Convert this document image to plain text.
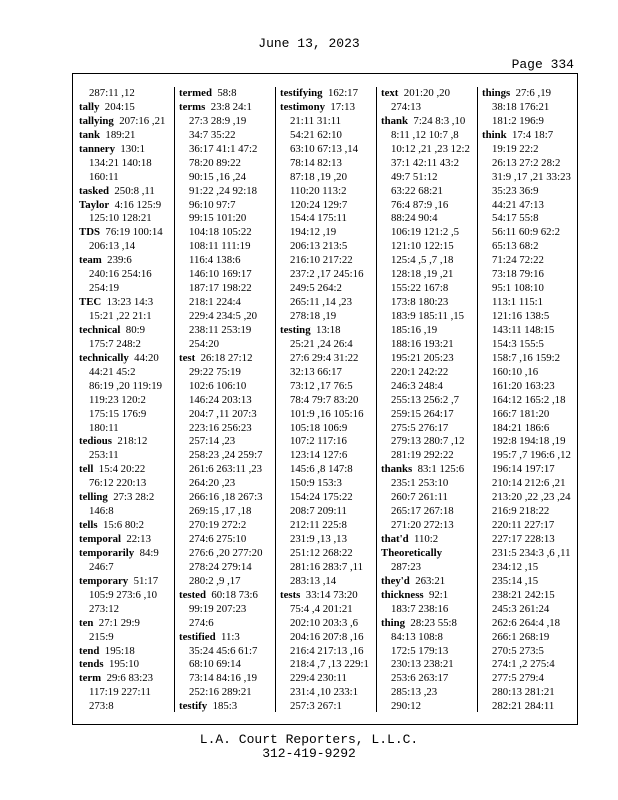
June 13, 2023
Page 334
287:11 ,12
tally  204:15
tallying  207:16 ,21
tank  189:21
tannery  130:1
134:21 140:18
160:11
tasked  250:8 ,11
Taylor  4:16 125:9
125:10 128:21
TDS  76:19 100:14
206:13 ,14
team  239:6
240:16 254:16
254:19
TEC  13:23 14:3
15:21 ,22 21:1
technical  80:9
175:7 248:2
technically  44:20
44:21 45:2
86:19 ,20 119:19
119:23 120:2
175:15 176:9
180:11
tedious  218:12
253:11
tell  15:4 20:22
76:12 220:13
telling  27:3 28:2
146:8
tells  15:6 80:2
temporal  22:13
temporarily  84:9
246:7
temporary  51:17
105:9 273:6 ,10
273:12
ten  27:1 29:9
215:9
tend  195:18
tends  195:10
term  29:6 83:23
117:19 227:11
273:8
termed  58:8
terms  23:8 24:1
27:3 28:9 ,19
34:7 35:22
36:17 41:1 47:2
78:20 89:22
90:15 ,16 ,24
91:22 ,24 92:18
96:10 97:7
99:15 101:20
104:18 105:22
108:11 111:19
116:4 138:6
146:10 169:17
187:17 198:22
218:1 224:4
229:4 234:5 ,20
238:11 253:19
254:20
test  26:18 27:12
29:22 75:19
102:6 106:10
146:24 203:13
204:7 ,11 207:3
223:16 256:23
257:14 ,23
258:23 ,24 259:7
261:6 263:11 ,23
264:20 ,23
266:16 ,18 267:3
269:15 ,17 ,18
270:19 272:2
274:6 275:10
276:6 ,20 277:20
278:24 279:14
280:2 ,9 ,17
tested  60:18 73:6
99:19 207:23
274:6
testified  11:3
35:24 45:6 61:7
68:10 69:14
73:14 84:16 ,19
252:16 289:21
testify  185:3
testifying  162:17
testimony  17:13
21:11 31:11
54:21 62:10
63:10 67:13 ,14
78:14 82:13
87:18 ,19 ,20
110:20 113:2
120:24 129:7
154:4 175:11
194:12 ,19
206:13 213:5
216:10 217:22
237:2 ,17 245:16
249:5 264:2
265:11 ,14 ,23
278:18 ,19
testing  13:18
25:21 ,24 26:4
27:6 29:4 31:22
32:13 66:17
73:12 ,17 76:5
78:4 79:7 83:20
101:9 ,16 105:16
105:18 106:9
107:2 117:16
123:14 127:6
145:6 ,8 147:8
150:9 153:3
154:24 175:22
208:7 209:11
212:11 225:8
231:9 ,13 ,13
251:12 268:22
281:16 283:7 ,11
283:13 ,14
tests  33:14 73:20
75:4 ,4 201:21
202:10 203:3 ,6
204:16 207:8 ,16
216:4 217:13 ,16
218:4 ,7 ,13 229:1
229:4 230:11
231:4 ,10 233:1
257:3 267:1
text  201:20 ,20
274:13
thank  7:24 8:3 ,10
8:11 ,12 10:7 ,8
10:12 ,21 ,23 12:2
37:1 42:11 43:2
49:7 51:12
63:22 68:21
76:4 87:9 ,16
88:24 90:4
106:19 121:2 ,5
121:10 122:15
125:4 ,5 ,7 ,18
128:18 ,19 ,21
155:22 167:8
173:8 180:23
183:9 185:11 ,15
185:16 ,19
188:16 193:21
195:21 205:23
220:1 242:22
246:3 248:4
255:13 256:2 ,7
259:15 264:17
275:5 276:17
279:13 280:7 ,12
281:19 292:22
thanks  83:1 125:6
235:1 253:10
260:7 261:11
265:17 267:18
271:20 272:13
that'd  110:2
Theoretically
287:23
they'd  263:21
thickness  92:1
183:7 238:16
thing  28:23 55:8
84:13 108:8
172:5 179:13
230:13 238:21
253:6 263:17
285:13 ,23
290:12
things  27:6 ,19
38:18 176:21
181:2 196:9
think  17:4 18:7
19:19 22:2
26:13 27:2 28:2
31:9 ,17 ,21 33:23
35:23 36:9
44:21 47:13
54:17 55:8
56:11 60:9 62:2
65:13 68:2
71:24 72:22
73:18 79:16
95:1 108:10
113:1 115:1
121:16 138:5
143:11 148:15
154:3 155:5
158:7 ,16 159:2
160:10 ,16
161:20 163:23
164:12 165:2 ,18
166:7 181:20
184:21 186:6
192:8 194:18 ,19
195:7 ,7 196:6 ,12
196:14 197:17
210:14 212:6 ,21
213:20 ,22 ,23 ,24
216:9 218:22
220:11 227:17
227:17 228:13
231:5 234:3 ,6 ,11
234:12 ,15
235:14 ,15
238:21 242:15
245:3 261:24
262:6 264:4 ,18
266:1 268:19
270:5 273:5
274:1 ,2 275:4
277:5 279:4
280:13 281:21
282:21 284:11
L.A. Court Reporters, L.L.C.
312-419-9292
